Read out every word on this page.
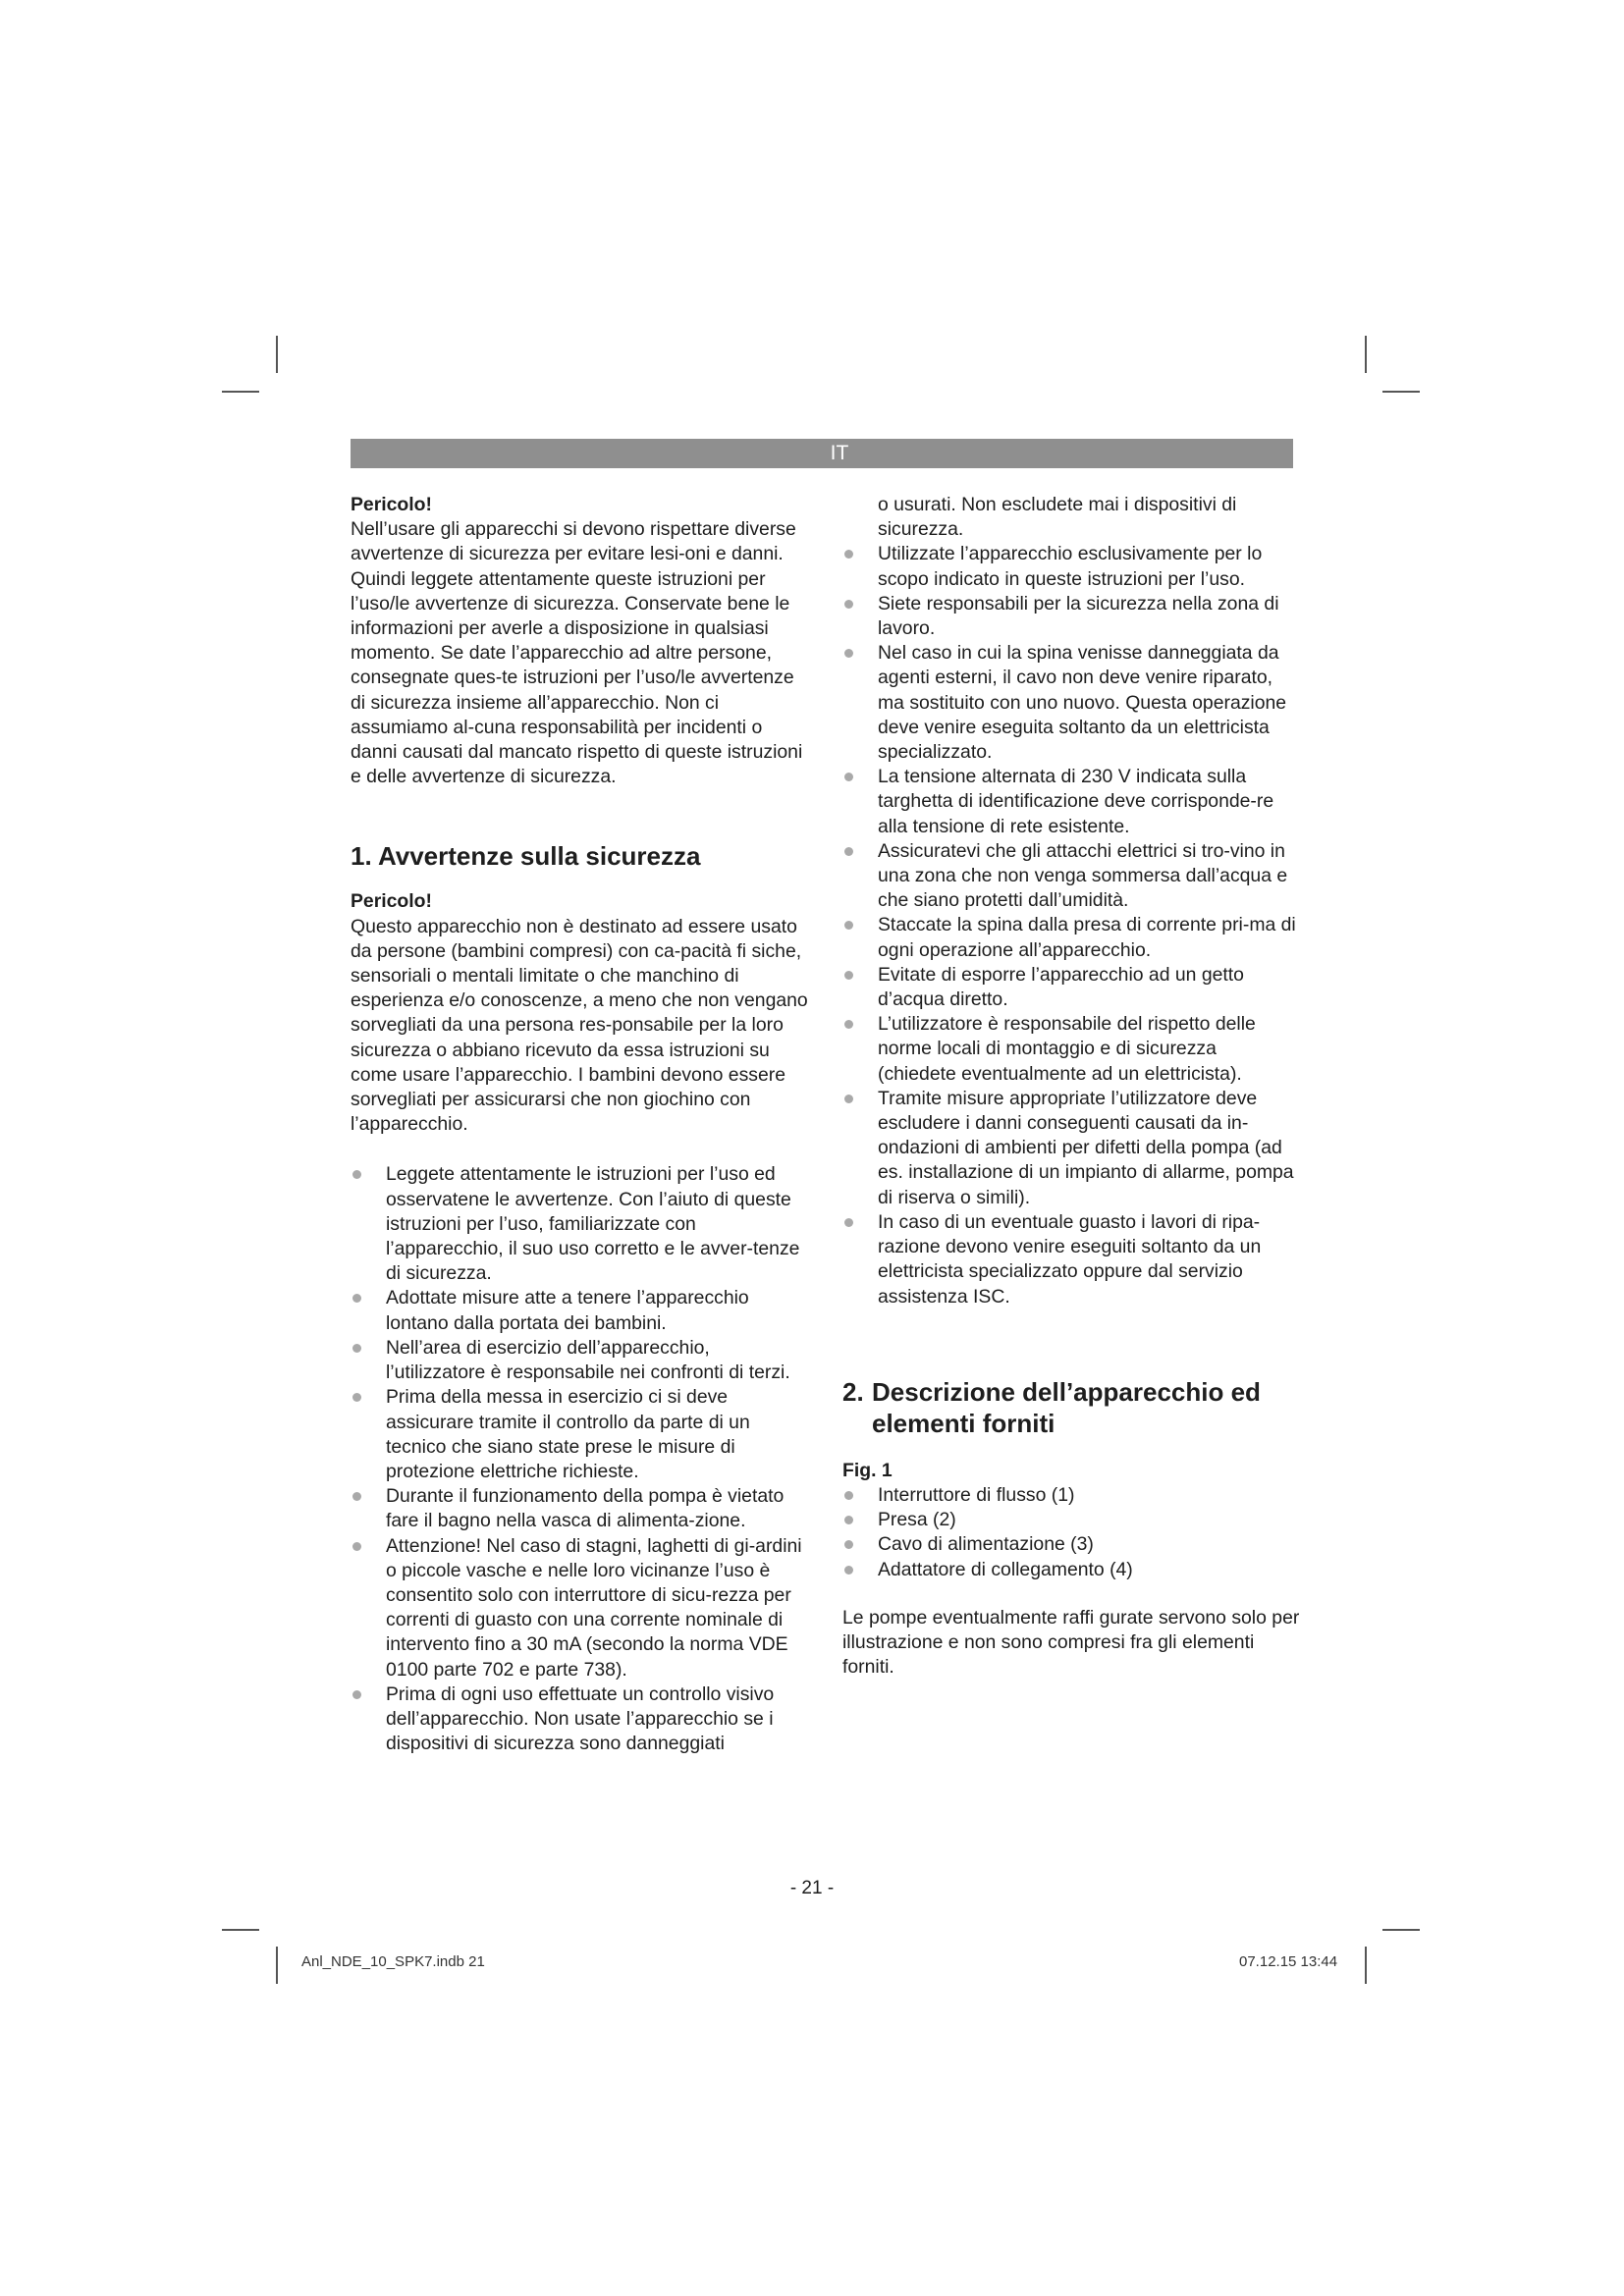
IT

Pericolo!

Nell’usare gli apparecchi si devono rispettare diverse avvertenze di sicurezza per evitare lesi-oni e danni. Quindi leggete attentamente queste istruzioni per l’uso/le avvertenze di sicurezza. Conservate bene le informazioni per averle a disposizione in qualsiasi momento. Se date l’apparecchio ad altre persone, consegnate ques-te istruzioni per l’uso/le avvertenze di sicurezza insieme all’apparecchio. Non ci assumiamo al-cuna responsabilità per incidenti o danni causati dal mancato rispetto di queste istruzioni e delle avvertenze di sicurezza.

1. Avvertenze sulla sicurezza

Pericolo!

Questo apparecchio non è destinato ad essere usato da persone (bambini compresi) con ca-pacità fi siche, sensoriali o mentali limitate o che manchino di esperienza e/o conoscenze, a meno che non vengano sorvegliati da una persona res-ponsabile per la loro sicurezza o abbiano ricevuto da essa istruzioni su come usare l’apparecchio. I bambini devono essere sorvegliati per assicurarsi che non giochino con l’apparecchio.

Leggete attentamente le istruzioni per l’uso ed osservatene le avvertenze. Con l’aiuto di queste istruzioni per l’uso, familiarizzate con l’apparecchio, il suo uso corretto e le avver-tenze di sicurezza.
Adottate misure atte a tenere l’apparecchio lontano dalla portata dei bambini.
Nell’area di esercizio dell’apparecchio, l’utilizzatore è responsabile nei confronti di terzi.
Prima della messa in esercizio ci si deve assicurare tramite il controllo da parte di un tecnico che siano state prese le misure di protezione elettriche richieste.
Durante il funzionamento della pompa è vietato fare il bagno nella vasca di alimenta-zione.
Attenzione! Nel caso di stagni, laghetti di gi-ardini o piccole vasche e nelle loro vicinanze l’uso è consentito solo con interruttore di sicu-rezza per correnti di guasto con una corrente nominale di intervento fino a 30 mA (secondo la norma VDE 0100 parte 702 e parte 738).
Prima di ogni uso effettuate un controllo visivo dell’apparecchio. Non usate l’apparecchio se i dispositivi di sicurezza sono danneggiati
o usurati. Non escludete mai i dispositivi di sicurezza.
Utilizzate l’apparecchio esclusivamente per lo scopo indicato in queste istruzioni per l’uso.
Siete responsabili per la sicurezza nella zona di lavoro.
Nel caso in cui la spina venisse danneggiata da agenti esterni, il cavo non deve venire riparato, ma sostituito con uno nuovo. Questa operazione deve venire eseguita soltanto da un elettricista specializzato.
La tensione alternata di 230 V indicata sulla targhetta di identificazione deve corrisponde-re alla tensione di rete esistente.
Assicuratevi che gli attacchi elettrici si tro-vino in una zona che non venga sommersa dall’acqua e che siano protetti dall’umidità.
Staccate la spina dalla presa di corrente pri-ma di ogni operazione all’apparecchio.
Evitate di esporre l’apparecchio ad un getto d’acqua diretto.
L’utilizzatore è responsabile del rispetto delle norme locali di montaggio e di sicurezza (chiedete eventualmente ad un elettricista).
Tramite misure appropriate l’utilizzatore deve escludere i danni conseguenti causati da in-ondazioni di ambienti per difetti della pompa (ad es. installazione di un impianto di allarme, pompa di riserva o simili).
In caso di un eventuale guasto i lavori di ripa-razione devono venire eseguiti soltanto da un elettricista specializzato oppure dal servizio assistenza ISC.
2. Descrizione dell’apparecchio ed elementi forniti

Fig. 1

Interruttore di flusso (1)
Presa (2)
Cavo di alimentazione (3)
Adattatore di collegamento (4)

Le pompe eventualmente raffi gurate servono solo per illustrazione e non sono compresi fra gli elementi forniti.

- 21 -
Anl_NDE_10_SPK7.indb 21	07.12.15 13:44
